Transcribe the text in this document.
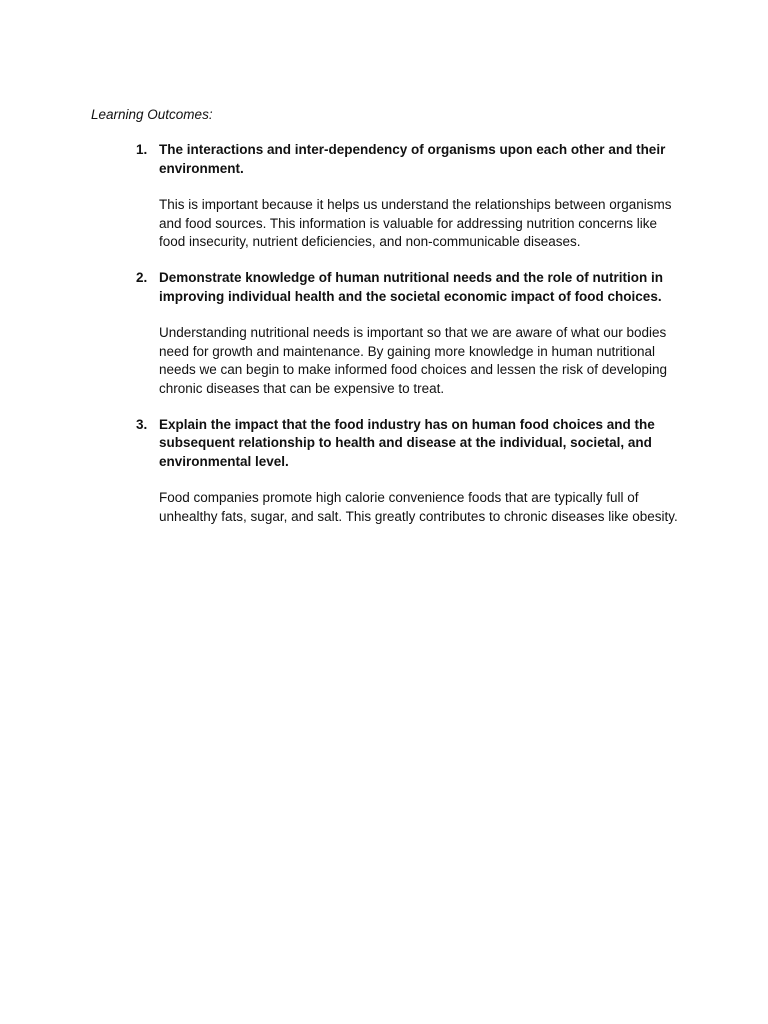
Learning Outcomes:

1. The interactions and inter-dependency of organisms upon each other and their environment.

This is important because it helps us understand the relationships between organisms and food sources. This information is valuable for addressing nutrition concerns like food insecurity, nutrient deficiencies, and non-communicable diseases.

2. Demonstrate knowledge of human nutritional needs and the role of nutrition in improving individual health and the societal economic impact of food choices.

Understanding nutritional needs is important so that we are aware of what our bodies need for growth and maintenance. By gaining more knowledge in human nutritional needs we can begin to make informed food choices and lessen the risk of developing chronic diseases that can be expensive to treat.

3. Explain the impact that the food industry has on human food choices and the subsequent relationship to health and disease at the individual, societal, and environmental level.

Food companies promote high calorie convenience foods that are typically full of unhealthy fats, sugar, and salt. This greatly contributes to chronic diseases like obesity.
